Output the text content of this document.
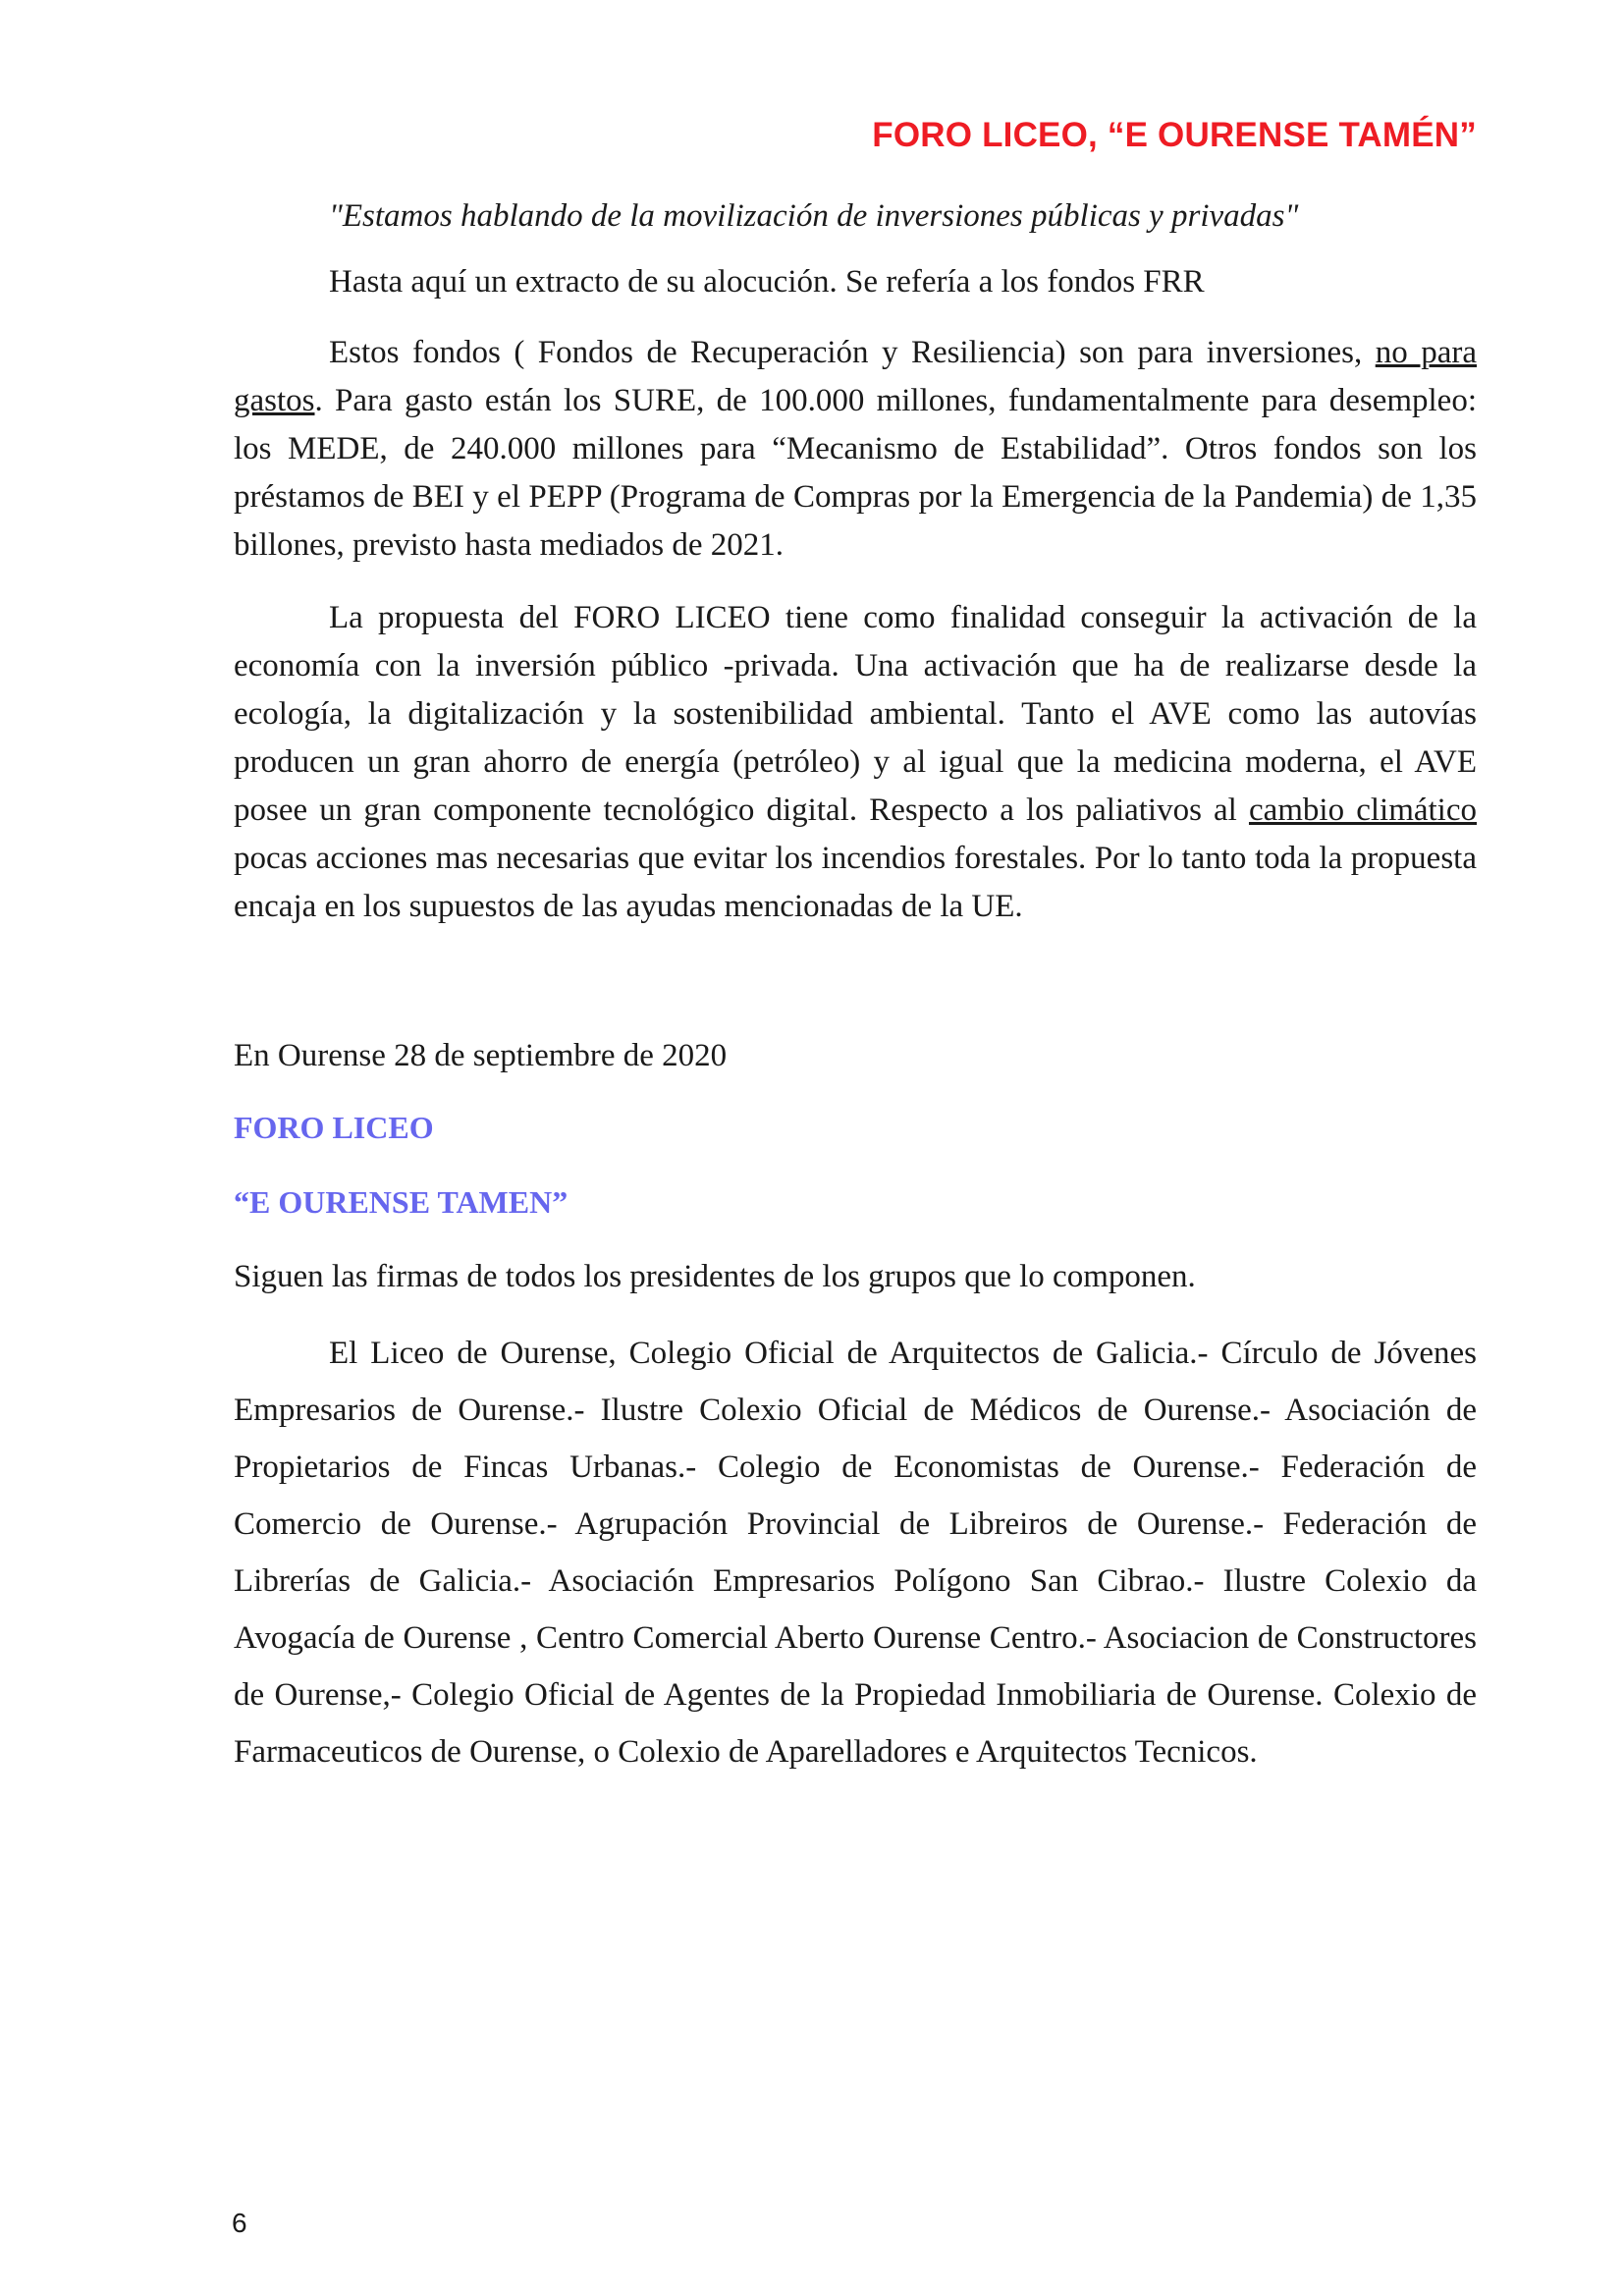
FORO LICEO, “E OURENSE TAMÉN”

"Estamos hablando de la movilización de inversiones públicas y privadas"

Hasta aquí un extracto de su alocución. Se refería a los fondos FRR

Estos fondos ( Fondos de Recuperación y Resiliencia) son para inversiones, no para gastos. Para gasto están los SURE, de 100.000 millones, fundamentalmente para desempleo: los MEDE, de 240.000 millones para “Mecanismo de Estabilidad”. Otros fondos son los préstamos de BEI y el PEPP (Programa de Compras por la Emergencia de la Pandemia) de 1,35 billones, previsto hasta mediados de 2021.

La propuesta del FORO LICEO tiene como finalidad conseguir la activación de la economía con la inversión público -privada. Una activación que ha de realizarse desde la ecología, la digitalización y la sostenibilidad ambiental. Tanto el AVE como las autovías producen un gran ahorro de energía (petróleo) y al igual que la medicina moderna, el AVE posee un gran componente tecnológico digital. Respecto a los paliativos al cambio climático pocas acciones mas necesarias que evitar los incendios forestales. Por lo tanto toda la propuesta encaja en los supuestos de las ayudas mencionadas de la UE.

En Ourense 28 de septiembre de 2020

FORO LICEO

“E OURENSE TAMEN”

Siguen las firmas de todos los presidentes de los grupos que lo componen.

El Liceo de Ourense, Colegio Oficial de Arquitectos de Galicia.- Círculo de Jóvenes Empresarios de Ourense.- Ilustre Colexio Oficial de Médicos de Ourense.- Asociación de Propietarios de Fincas Urbanas.- Colegio de Economistas de Ourense.- Federación de Comercio de Ourense.- Agrupación Provincial de Libreiros de Ourense.- Federación de Librerías de Galicia.- Asociación Empresarios Polígono San Cibrao.- Ilustre Colexio da Avogacía de Ourense , Centro Comercial Aberto Ourense Centro.- Asociacion de Constructores de Ourense,- Colegio Oficial de Agentes de la Propiedad Inmobiliaria de Ourense. Colexio de Farmaceuticos de Ourense, o Colexio de Aparelladores e Arquitectos Tecnicos.

6
